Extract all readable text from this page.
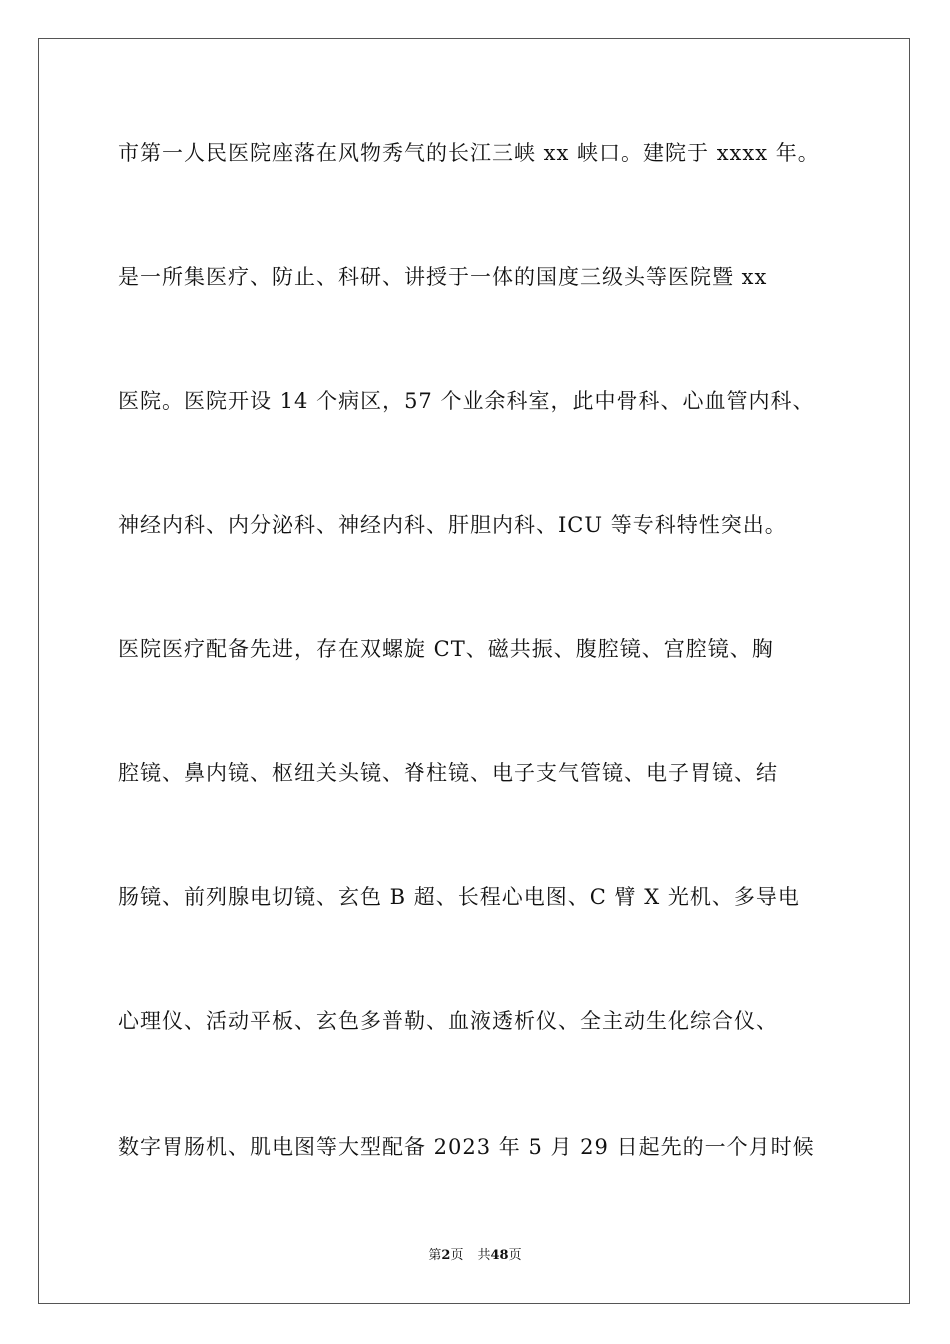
市第一人民医院座落在风物秀气的长江三峡 xx 峡口。建院于 xxxx 年。
是一所集医疗、防止、科研、讲授于一体的国度三级头等医院暨 xx
医院。医院开设 14 个病区，57 个业余科室，此中骨科、心血管内科、
神经内科、内分泌科、神经内科、肝胆内科、ICU 等专科特性突出。
医院医疗配备先进，存在双螺旋 CT、磁共振、腹腔镜、宫腔镜、胸
腔镜、鼻内镜、枢纽关头镜、脊柱镜、电子支气管镜、电子胃镜、结
肠镜、前列腺电切镜、玄色 B 超、长程心电图、C 臂 X 光机、多导电
心理仪、活动平板、玄色多普勒、血液透析仪、全主动生化综合仪、
数字胃肠机、肌电图等大型配备 2023 年 5 月 29 日起先的一个月时候
第2页 共48页
